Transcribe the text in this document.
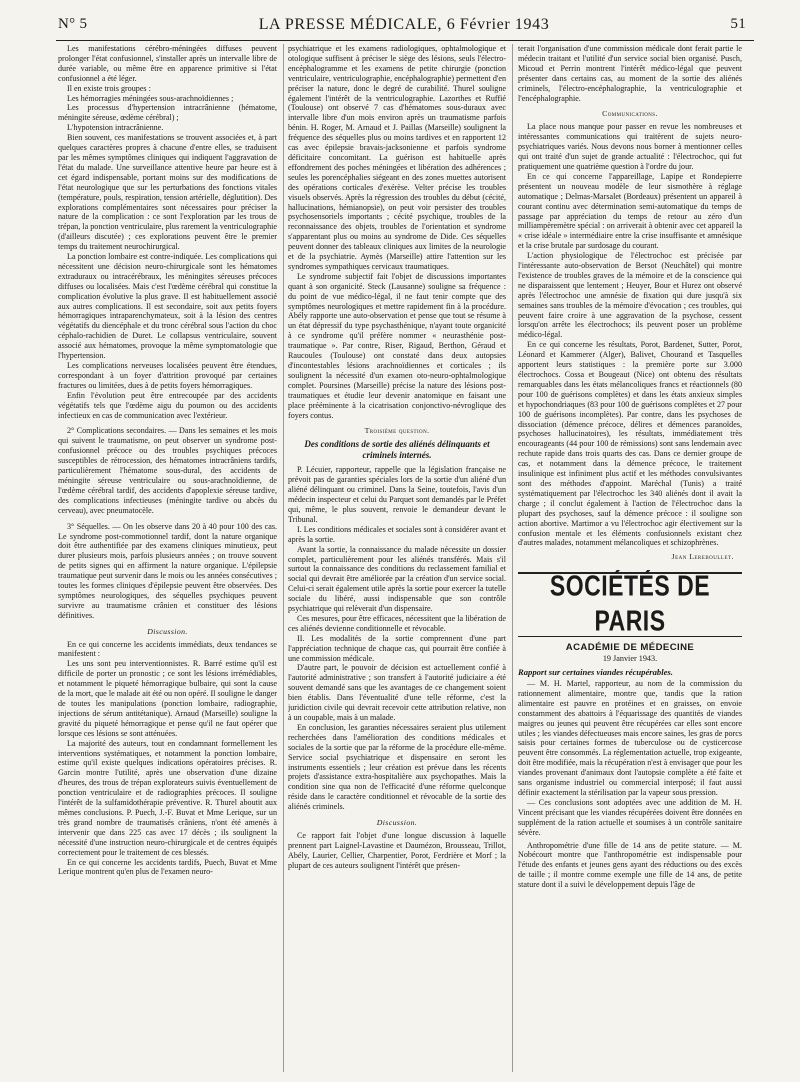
N° 5	LA PRESSE MÉDICALE, 6 Février 1943	51

Les manifestations cérébro-méningées diffuses peuvent prolonger l'état confusionnel, s'installer après un intervalle libre de durée variable, ou même être en apparence primitive si l'état confusionnel a été léger.

Il en existe trois groupes :

Les hémorragies méningées sous-arachnoïdiennes ;

Les processus d'hypertension intracrânienne (hématome, méningite séreuse, œdème cérébral) ;

L'hypotension intracrânienne.

Bien souvent, ces manifestations se trouvent associées et, à part quelques caractères propres à chacune d'entre elles, se traduisent par les mêmes symptômes cliniques qui indiquent l'aggravation de l'état du malade. Une surveillance attentive heure par heure est à cet égard indispensable, portant moins sur des modifications de l'état neurologique que sur les perturbations des fonctions vitales (température, pouls, respiration, tension artérielle, déglutition). Des explorations complémentaires sont nécessaires pour préciser la nature de la complication : ce sont l'exploration par les trous de trépan, la ponction ventriculaire, plus rarement la ventriculographie (d'ailleurs discutée) ; ces explorations peuvent être le premier temps du traitement neurochirurgical.

La ponction lombaire est contre-indiquée. Les complications qui nécessitent une décision neuro-chirurgicale sont les hématomes extraduraux ou intracérébraux, les méningites séreuses précoces diffuses ou localisées. Mais c'est l'œdème cérébral qui constitue la complication évolutive la plus grave. Il est habituellement associé aux autres complications. Il est secondaire, soit aux petits foyers hémorragiques intraparenchymateux, soit à la lésion des centres végétatifs du diencéphale et du tronc cérébral sous l'action du choc céphalo-rachidien de Duret. Le collapsus ventriculaire, souvent associé aux hématomes, provoque la même symptomatologie que l'hypertension.

Les complications nerveuses localisées peuvent être étendues, correspondant à un foyer d'attrition provoqué par certaines fractures ou limitées, dues à de petits foyers hémorragiques.

Enfin l'évolution peut être entrecoupée par des accidents végétatifs tels que l'œdème aigu du poumon ou des accidents infectieux en cas de communication avec l'extérieur.

2° Complications secondaires. — Dans les semaines et les mois qui suivent le traumatisme, on peut observer un syndrome post-confusionnel précoce ou des troubles psychiques précoces susceptibles de rétrocession, des hématomes intracrâniens tardifs, particulièrement l'hématome sous-dural, des accidents de méningite séreuse ventriculaire ou sous-arachnoïdienne, de l'œdème cérébral tardif, des accidents d'apoplexie séreuse tardive, des complications infectieuses (méningite tardive ou abcès du cerveau), avec pneumatocèle.

3° Séquelles. — On les observe dans 20 à 40 pour 100 des cas. Le syndrome post-commotionnel tardif, dont la nature organique doit être authentifiée par des examens cliniques minutieux, peut durer plusieurs mois, parfois plusieurs années ; on trouve souvent de petits signes qui en affirment la nature organique. L'épilepsie traumatique peut survenir dans le mois ou les années consécutives ; toutes les formes cliniques d'épilepsie peuvent être observées. Des symptômes neurologiques, des séquelles psychiques peuvent survivre au traumatisme crânien et constituer des lésions définitives.

Discussion.

En ce qui concerne les accidents immédiats, deux tendances se manifestent :

Les uns sont peu interventionnistes. R. Barré estime qu'il est difficile de porter un pronostic ; ce sont les lésions irrémédiables, et notamment le piqueté hémorragique bulbaire, qui sont la cause de la mort, que le malade ait été ou non opéré. Il souligne le danger de toutes les manipulations (ponction lombaire, radiographie, injections de sérum antitétanique). Arnaud (Marseille) souligne la gravité du piqueté hémorragique et pense qu'il ne faut opérer que lorsque ces lésions se sont atténuées.

La majorité des auteurs, tout en condamnant formellement les interventions systématiques, et notamment la ponction lombaire, estime qu'il existe quelques indications opératoires précises. R. Garcin montre l'utilité, après une observation d'une dizaine d'heures, des trous de trépan explorateurs suivis éventuellement de ponction ventriculaire et de radiographies précoces. Il souligne l'intérêt de la sulfamidothérapie préventive. R. Thurel aboutit aux mêmes conclusions. P. Puech, J.-F. Buvat et Mme Lerique, sur un très grand nombre de traumatisés crâniens, n'ont été amenés à intervenir que dans 225 cas avec 17 décès ; ils soulignent la nécessité d'une instruction neuro-chirurgicale et de centres équipés correctement pour le traitement de ces blessés.

En ce qui concerne les accidents tardifs, Puech, Buvat et Mme Lerique montrent qu'en plus de l'examen neuro-

psychiatrique et les examens radiologiques, ophtalmologique et otologique suffisent à préciser le siège des lésions, seuls l'électro-encéphalogramme et les examens de petite chirurgie (ponction ventriculaire, ventriculographie, encéphalographie) permettent d'en préciser la nature, donc le degré de curabilité. Thurel souligne également l'intérêt de la ventriculographie. Lazorthes et Ruffié (Toulouse) ont observé 7 cas d'hématomes sous-duraux avec intervalle libre d'un mois environ après un traumatisme parfois bénin. H. Roger, M. Arnaud et J. Paillas (Marseille) soulignent la fréquence des séquelles plus ou moins tardives et en rapportent 12 cas avec épilepsie bravais-jacksonienne et parfois syndrome déficitaire concomitant. La guérison est habituelle après effondrement des poches méningées et libération des adhérences ; seules les porencéphalies siégeant en des zones muettes autorisent des opérations corticales d'exérèse. Velter précise les troubles visuels observés. Après la régression des troubles du début (cécité, hallucinations, hémianopsie), on peut voir persister des troubles psychosensoriels importants ; cécité psychique, troubles de la reconnaissance des objets, troubles de l'orientation et syndrome s'apparentant plus ou moins au syndrome de Dide. Ces séquelles peuvent donner des tableaux cliniques aux limites de la neurologie et de la psychiatrie. Aymès (Marseille) attire l'attention sur les syndromes sympathiques cervicaux traumatiques.

Le syndrome subjectif fait l'objet de discussions importantes quant à son organicité. Steck (Lausanne) souligne sa fréquence : du point de vue médico-légal, il ne faut tenir compte que des symptômes neurologiques et mettre rapidement fin à la procédure. Abély rapporte une auto-observation et pense que tout se résume à un état dépressif du type psychasthénique, n'ayant toute organicité à ce syndrome qu'il préfère nommer « neurasthénie post-traumatique ». Par contre, Riser, Rigaud, Berthon, Géraud et Raucoules (Toulouse) ont constaté dans deux autopsies d'incontestables lésions arachnoïdiennes et corticales ; ils soulignent la nécessité d'un examen oto-neuro-ophtalmologique complet. Poursines (Marseille) précise la nature des lésions post-traumatiques et étudie leur devenir anatomique en faisant une place prééminente à la cicatrisation conjonctivo-névroglique des foyers contus.

Troisième question.
Des conditions de sortie des aliénés délinquants et criminels internés.

P. Lécuier, rapporteur, rappelle que la législation française ne prévoit pas de garanties spéciales lors de la sortie d'un aliéné d'un aliéné délinquant ou criminel. Dans la Seine, toutefois, l'avis d'un médecin inspecteur et celui du Parquet sont demandés par le Préfet qui, même, le plus souvent, renvoie le demandeur devant le Tribunal.

I. Les conditions médicales et sociales sont à considérer avant et après la sortie.

Avant la sortie, la connaissance du malade nécessite un dossier complet, particulièrement pour les aliénés transférés. Mais s'il surtout la connaissance des conditions du reclassement familial et social qui devrait être améliorée par la création d'un service social. Celui-ci serait également utile après la sortie pour exercer la tutelle sociale du libéré, aussi indispensable que son contrôle psychiatrique qui relèverait d'un dispensaire.

Ces mesures, pour être efficaces, nécessitent que la libération de ces aliénés devienne conditionnelle et révocable.

II. Les modalités de la sortie comprennent d'une part l'appréciation technique de chaque cas, qui pourrait être confiée à une commission médicale.

D'autre part, le pouvoir de décision est actuellement confié à l'autorité administrative ; son transfert à l'autorité judiciaire a été souvent demandé sans que les avantages de ce changement soient bien établis. Dans l'éventualité d'une telle réforme, c'est la juridiction civile qui devrait recevoir cette attribution relative, non à un coupable, mais à un malade.

En conclusion, les garanties nécessaires seraient plus utilement recherchées dans l'amélioration des conditions médicales et sociales de la sortie que par la réforme de la procédure elle-même. Service social psychiatrique et dispensaire en seront les instruments essentiels ; leur création est prévue dans les récents projets d'assistance extra-hospitalière aux psychopathes. Mais la condition sine qua non de l'efficacité d'une réforme quelconque réside dans le caractère conditionnel et révocable de la sortie des aliénés criminels.

Discussion.

Ce rapport fait l'objet d'une longue discussion à laquelle prennent part Laignel-Lavastine et Daumézon, Brousseau, Trillot, Abély, Laurier, Cellier, Charpentier, Porot, Ferdrière et Morf ; la plupart de ces auteurs soulignent l'intérêt que présen-

terait l'organisation d'une commission médicale dont ferait partie le médecin traitant et l'utilité d'un service social bien organisé. Pusch, Micoud et Perrin montrent l'intérêt médico-légal que peuvent présenter dans certains cas, au moment de la sortie des aliénés criminels, l'électro-encéphalographie, la ventriculographie et l'encéphalographie.

Communications.

La place nous manque pour passer en revue les nombreuses et intéressantes communications qui traitèrent de sujets neuro-psychiatriques variés. Nous devons nous borner à mentionner celles qui ont traité d'un sujet de grande actualité : l'électrochoc, qui fut pratiquement une quatrième question à l'ordre du jour.

En ce qui concerne l'appareillage, Lapipe et Rondepierre présentent un nouveau modèle de leur sismothère à réglage automatique ; Delmas-Marsalet (Bordeaux) présentent un appareil à courant continu avec détermination semi-automatique du temps de passage par appréciation du temps de retour au zéro d'un milliampèremètre spécial : on arriverait à obtenir avec cet appareil la « crise idéale » intermédiaire entre la crise insuffisante et amnésique et la crise brutale par surdosage du courant.

L'action physiologique de l'électrochoc est précisée par l'intéressante auto-observation de Bersot (Neuchâtel) qui montre l'existence de troubles graves de la mémoire et de la conscience qui ne disparaissent que lentement ; Heuyer, Bour et Hurez ont observé après l'électrochoc une amnésie de fixation qui dure jusqu'à six semaines sans troubles de la mémoire d'évocation ; ces troubles, qui peuvent faire croire à une aggravation de la psychose, cessent lorsqu'on arrête les électrochocs; ils peuvent poser un problème médico-légal.

En ce qui concerne les résultats, Porot, Bardenet, Sutter, Porot, Léonard et Kammerer (Alger), Balivet, Chourand et Tasquelles apportent leurs statistiques : la première porte sur 3.000 électrochocs. Cossa et Bougeaut (Nice) ont obtenu des résultats remarquables dans les états mélancoliques francs et réactionnels (80 pour 100 de guérisons complètes) et dans les états anxieux simples et hypochondriaques (83 pour 100 de guérisons complètes et 27 pour 100 de guérisons incomplètes). Par contre, dans les psychoses de dissociation (démence précoce, délires et démences paranoïdes, psychoses hallucinatoires), les résultats, immédiatement très encourageants (44 pour 100 de rémissions) sont sans lendemain avec rechute rapide dans trois quarts des cas. Dans ce dernier groupe de cas, et notamment dans la démence précoce, le traitement insulinique est infiniment plus actif et les méthodes convulsivantes sont des méthodes d'appoint. Maréchal (Tunis) a traité systématiquement par l'électrochoc les 340 aliénés dont il avait la charge ; il conclut également à l'action de l'électrochoc dans la plupart des psychoses, sauf la démence précoce : il souligne son action abortive. Martimor a vu l'électrochoc agir électivement sur la confusion mentale et les éléments confusionnels existant chez d'autres malades, notamment mélancoliques et schizophrènes.

Jean Lereboullet.
SOCIÉTÉS DE PARIS
ACADÉMIE DE MÉDECINE
19 Janvier 1943.
Rapport sur certaines viandes récupérables.

— M. H. Martel, rapporteur, au nom de la commission du rationnement alimentaire, montre que, tandis que la ration alimentaire est pauvre en protéines et en graisses, on envoie constamment des abattoirs à l'équarissage des quantités de viandes maigres ou jeunes qui peuvent être récupérées car elles sont encore utiles ; les viandes défectueuses mais encore saines, les gras de porcs saisis pour certaines formes de tuberculose ou de cysticercose peuvent être consommés. La réglementation actuelle, trop exigeante, doit être modifiée, mais la récupération n'est à envisager que pour les viandes provenant d'animaux dont l'autopsie complète a été faite et sans organisme industriel ou commercial interposé; il faut aussi définir exactement la stérilisation par la vapeur sous pression.

— Ces conclusions sont adoptées avec une addition de M. H. Vincent précisant que les viandes récupérées doivent être données en supplément de la ration actuelle et soumises à un contrôle sanitaire sévère.

Anthropométrie d'une fille de 14 ans de petite stature. — M. Nobécourt montre que l'anthropométrie est indispensable pour l'étude des enfants et jeunes gens ayant des réductions ou des excès de taille ; il montre comme exemple une fille de 14 ans, de petite stature dont il a suivi le développement depuis l'âge de
